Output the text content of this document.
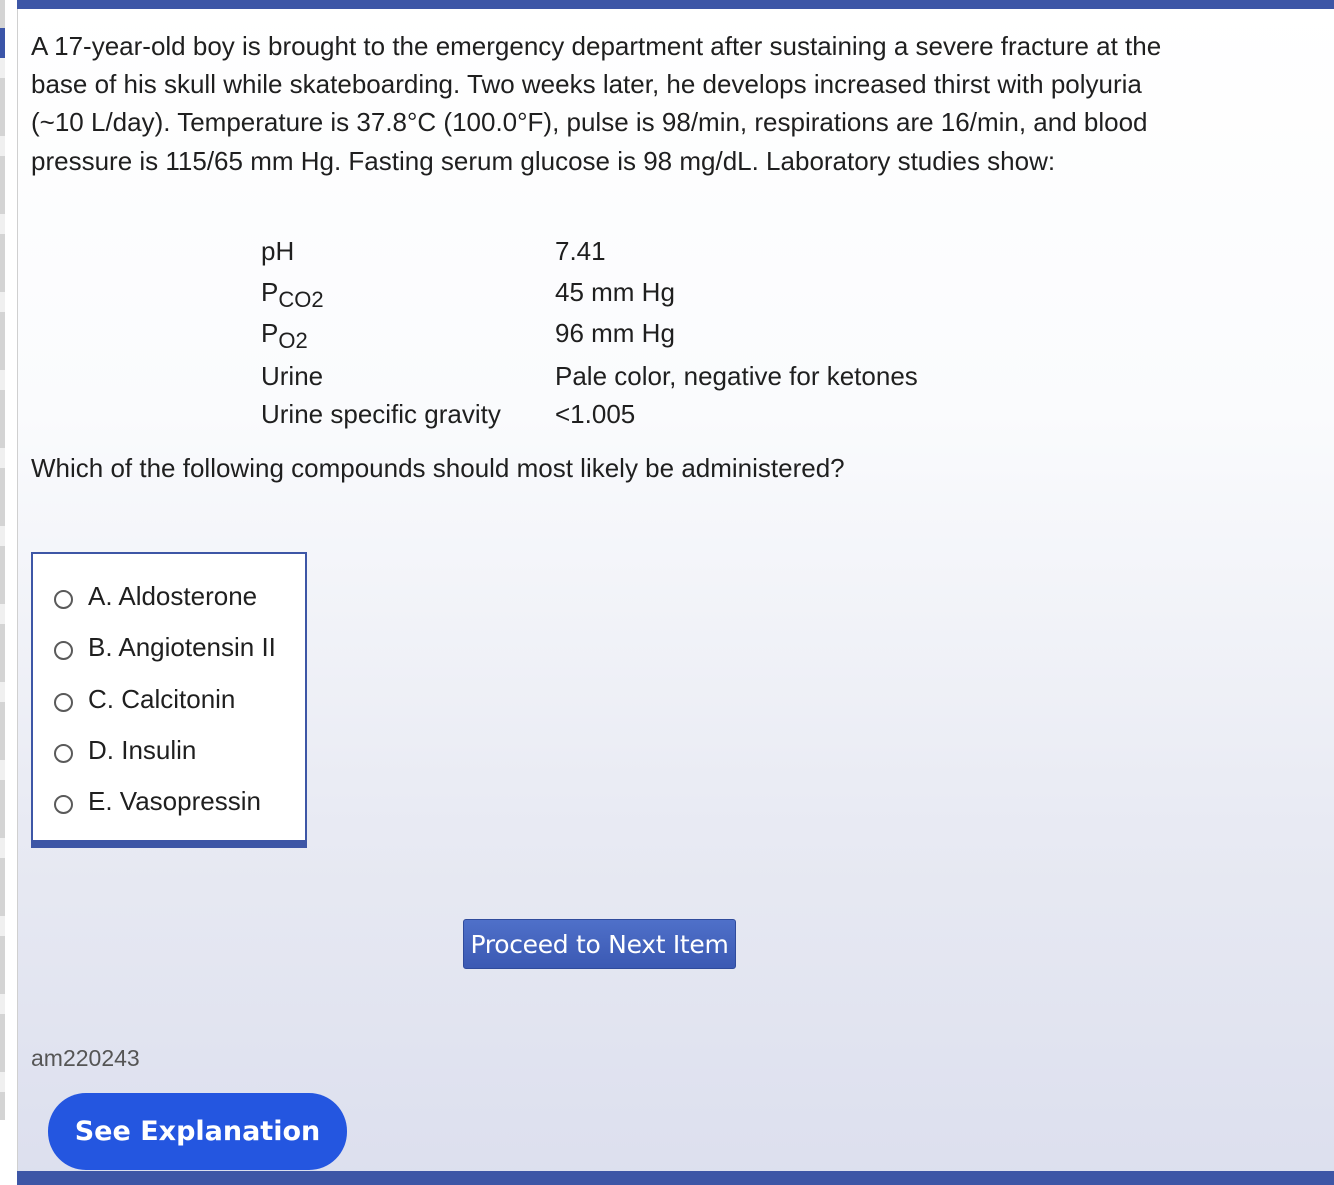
A 17-year-old boy is brought to the emergency department after sustaining a severe fracture at the base of his skull while skateboarding. Two weeks later, he develops increased thirst with polyuria (~10 L/day). Temperature is 37.8°C (100.0°F), pulse is 98/min, respirations are 16/min, and blood pressure is 115/65 mm Hg. Fasting serum glucose is 98 mg/dL. Laboratory studies show:

pH	7.41
$P_{CO2}$	45 mm Hg
$P_{O2}$	96 mm Hg
Urine	Pale color, negative for ketones
Urine specific gravity <1.005
Which of the following compounds should most likely be administered?
A. Aldosterone
B. Angiotensin II
C. Calcitonin
D. Insulin
E. Vasopressin
Proceed to Next Item
am220243
See Explanation
